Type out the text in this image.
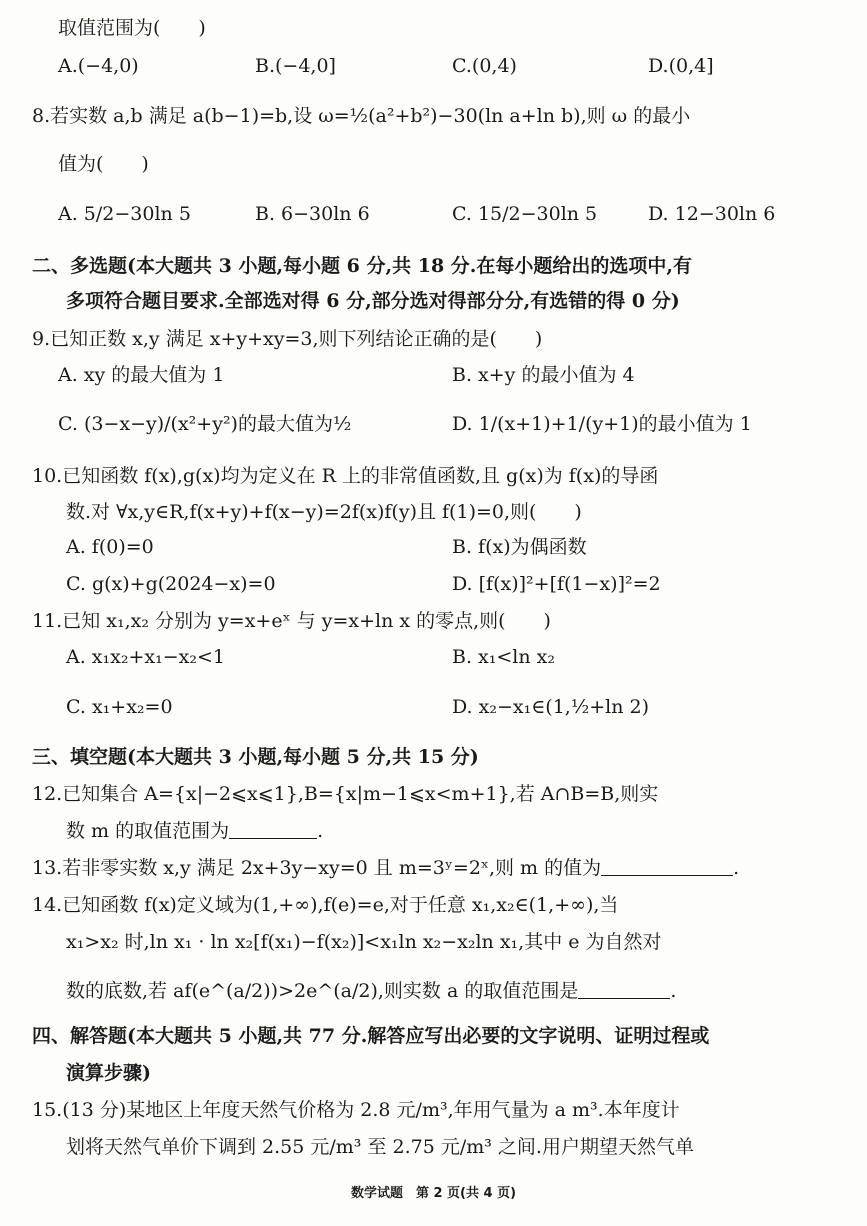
取值范围为(　　)
A.(−4,0)	B.(−4,0]	C.(0,4)	D.(0,4]
8.若实数 a,b 满足 a(b−1)=b,设 ω=½(a²+b²)−30(ln a+ln b),则 ω 的最小
值为(　　)
A. 5/2−30ln 5	B. 6−30ln 6	C. 15/2−30ln 5	D. 12−30ln 6
二、多选题(本大题共 3 小题,每小题 6 分,共 18 分.在每小题给出的选项中,有
多项符合题目要求.全部选对得 6 分,部分选对得部分分,有选错的得 0 分)
9.已知正数 x,y 满足 x+y+xy=3,则下列结论正确的是(　　)
A. xy 的最大值为 1	B. x+y 的最小值为 4
C. (3−x−y)/(x²+y²)的最大值为½	D. 1/(x+1)+1/(y+1)的最小值为 1
10.已知函数 f(x),g(x)均为定义在 R 上的非常值函数,且 g(x)为 f(x)的导函
数.对 ∀x,y∈R,f(x+y)+f(x−y)=2f(x)f(y)且 f(1)=0,则(　　)
A. f(0)=0	B. f(x)为偶函数
C. g(x)+g(2024−x)=0	D. [f(x)]²+[f(1−x)]²=2
11.已知 x₁,x₂ 分别为 y=x+eˣ 与 y=x+ln x 的零点,则(　　)
A. x₁x₂+x₁−x₂<1	B. x₁<ln x₂
C. x₁+x₂=0	D. x₂−x₁∈(1,½+ln 2)
三、填空题(本大题共 3 小题,每小题 5 分,共 15 分)
12.已知集合 A={x|−2⩽x⩽1},B={x|m−1⩽x<m+1},若 A∩B=B,则实
数 m 的取值范围为	.
13.若非零实数 x,y 满足 2x+3y−xy=0 且 m=3ʸ=2ˣ,则 m 的值为	.
14.已知函数 f(x)定义域为(1,+∞),f(e)=e,对于任意 x₁,x₂∈(1,+∞),当
x₁>x₂ 时,ln x₁ · ln x₂[f(x₁)−f(x₂)]<x₁ln x₂−x₂ln x₁,其中 e 为自然对
数的底数,若 af(e^(a/2))>2e^(a/2),则实数 a 的取值范围是	.
四、解答题(本大题共 5 小题,共 77 分.解答应写出必要的文字说明、证明过程或
演算步骤)
15.(13 分)某地区上年度天然气价格为 2.8 元/m³,年用气量为 a m³.本年度计
划将天然气单价下调到 2.55 元/m³ 至 2.75 元/m³ 之间.用户期望天然气单
数学试题　第 2 页(共 4 页)
